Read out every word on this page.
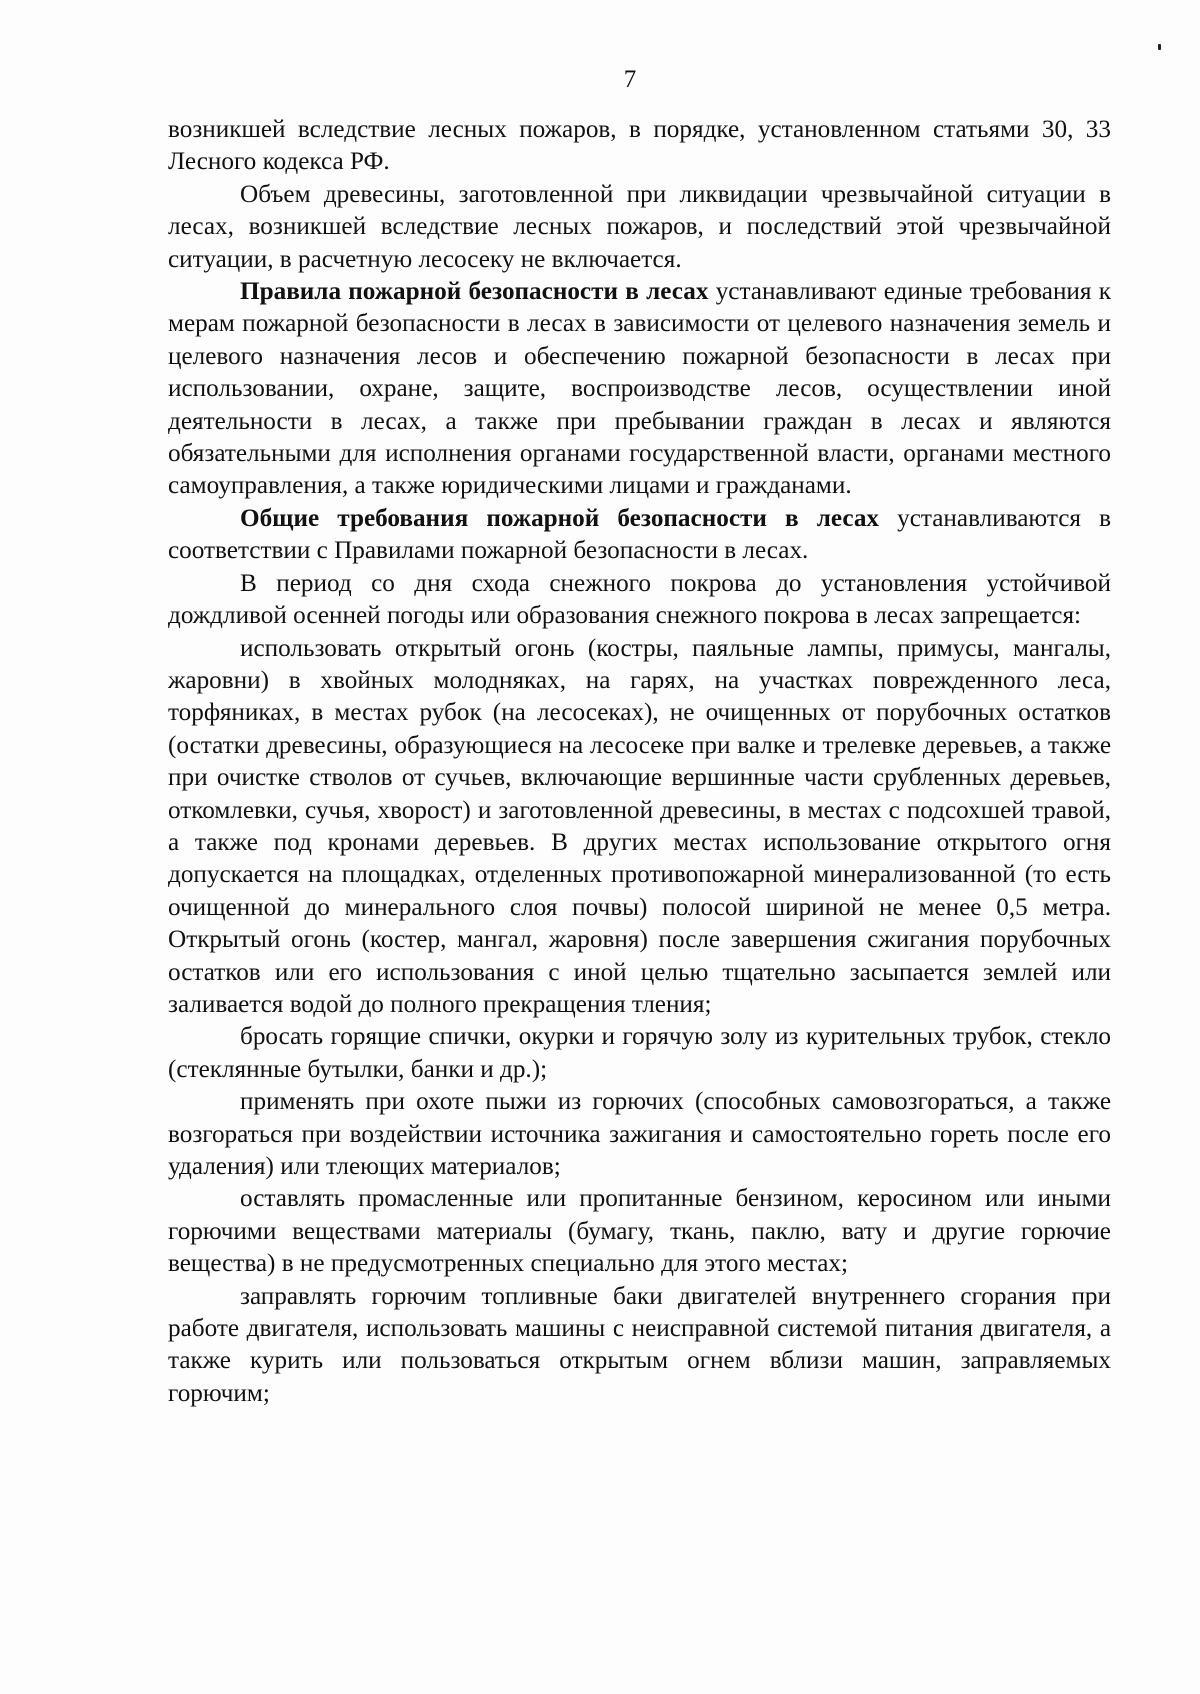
7

возникшей вследствие лесных пожаров, в порядке, установленном статьями 30, 33 Лесного кодекса РФ.

Объем древесины, заготовленной при ликвидации чрезвычайной ситуации в лесах, возникшей вследствие лесных пожаров, и последствий этой чрезвычайной ситуации, в расчетную лесосеку не включается.

Правила пожарной безопасности в лесах устанавливают единые требования к мерам пожарной безопасности в лесах в зависимости от целевого назначения земель и целевого назначения лесов и обеспечению пожарной безопасности в лесах при использовании, охране, защите, воспроизводстве лесов, осуществлении иной деятельности в лесах, а также при пребывании граждан в лесах и являются обязательными для исполнения органами государственной власти, органами местного самоуправления, а также юридическими лицами и гражданами.

Общие требования пожарной безопасности в лесах устанавливаются в соответствии с Правилами пожарной безопасности в лесах.

В период со дня схода снежного покрова до установления устойчивой дождливой осенней погоды или образования снежного покрова в лесах запрещается:

использовать открытый огонь (костры, паяльные лампы, примусы, мангалы, жаровни) в хвойных молодняках, на гарях, на участках поврежденного леса, торфяниках, в местах рубок (на лесосеках), не очищенных от порубочных остатков (остатки древесины, образующиеся на лесосеке при валке и трелевке деревьев, а также при очистке стволов от сучьев, включающие вершинные части срубленных деревьев, откомлевки, сучья, хворост) и заготовленной древесины, в местах с подсохшей травой, а также под кронами деревьев. В других местах использование открытого огня допускается на площадках, отделенных противопожарной минерализованной (то есть очищенной до минерального слоя почвы) полосой шириной не менее 0,5 метра. Открытый огонь (костер, мангал, жаровня) после завершения сжигания порубочных остатков или его использования с иной целью тщательно засыпается землей или заливается водой до полного прекращения тления;

бросать горящие спички, окурки и горячую золу из курительных трубок, стекло (стеклянные бутылки, банки и др.);

применять при охоте пыжи из горючих (способных самовозгораться, а также возгораться при воздействии источника зажигания и самостоятельно гореть после его удаления) или тлеющих материалов;

оставлять промасленные или пропитанные бензином, керосином или иными горючими веществами материалы (бумагу, ткань, паклю, вату и другие горючие вещества) в не предусмотренных специально для этого местах;

заправлять горючим топливные баки двигателей внутреннего сгорания при работе двигателя, использовать машины с неисправной системой питания двигателя, а также курить или пользоваться открытым огнем вблизи машин, заправляемых горючим;
